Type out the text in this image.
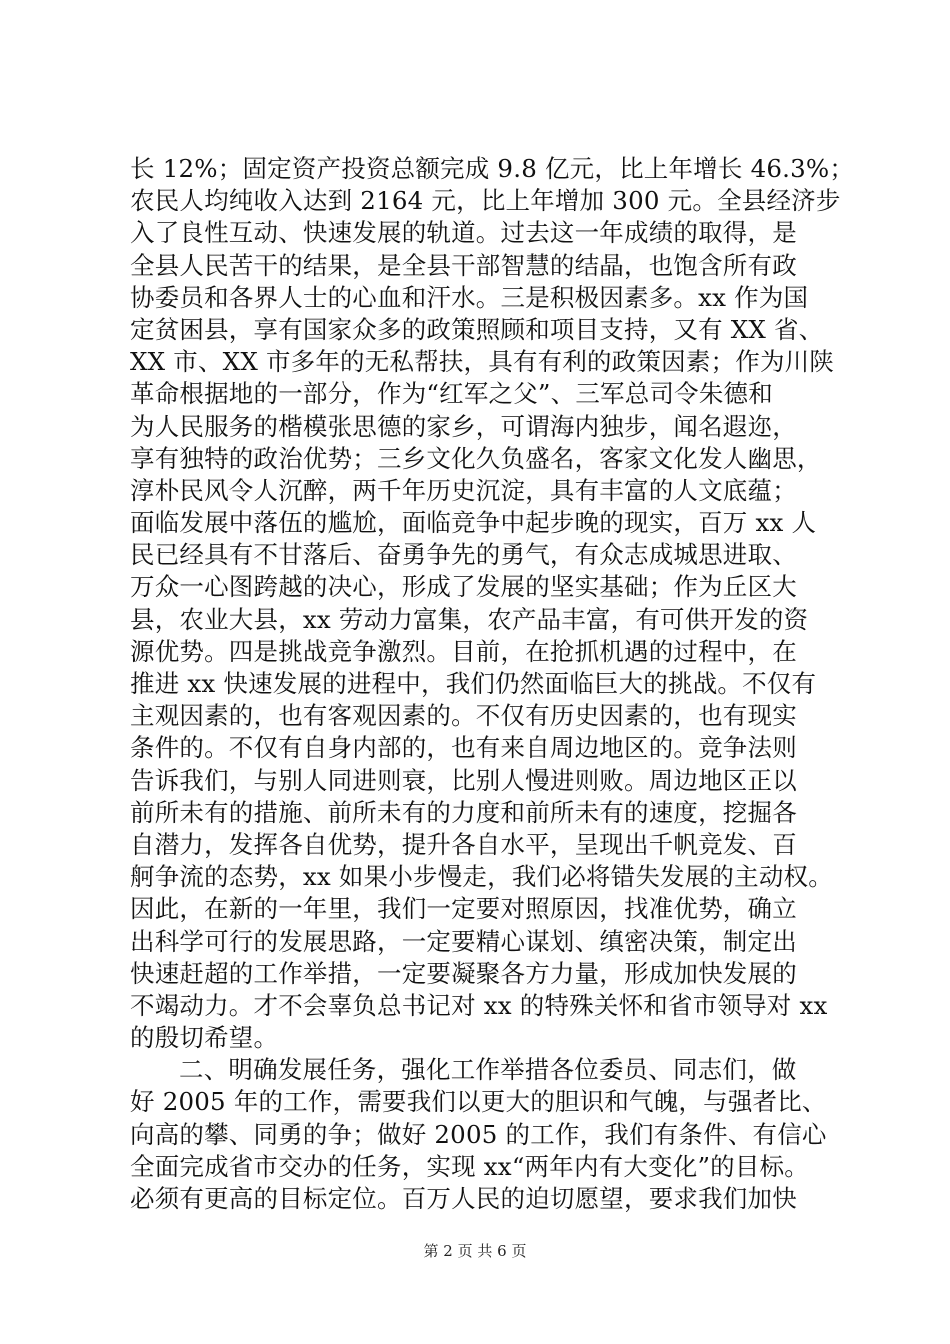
长 12%；固定资产投资总额完成 9.8 亿元，比上年增长 46.3%；
农民人均纯收入达到 2164 元，比上年增加 300 元。全县经济步
入了良性互动、快速发展的轨道。过去这一年成绩的取得，是
全县人民苦干的结果，是全县干部智慧的结晶，也饱含所有政
协委员和各界人士的心血和汗水。三是积极因素多。xx 作为国
定贫困县，享有国家众多的政策照顾和项目支持，又有 XX 省、
XX 市、XX 市多年的无私帮扶，具有有利的政策因素；作为川陕
革命根据地的一部分，作为“红军之父”、三军总司令朱德和
为人民服务的楷模张思德的家乡，可谓海内独步，闻名遐迩，
享有独特的政治优势；三乡文化久负盛名，客家文化发人幽思，
淳朴民风令人沉醉，两千年历史沉淀，具有丰富的人文底蕴；
面临发展中落伍的尴尬，面临竞争中起步晚的现实，百万 xx 人
民已经具有不甘落后、奋勇争先的勇气，有众志成城思进取、
万众一心图跨越的决心，形成了发展的坚实基础；作为丘区大
县，农业大县，xx 劳动力富集，农产品丰富，有可供开发的资
源优势。四是挑战竞争激烈。目前，在抢抓机遇的过程中，在
推进 xx 快速发展的进程中，我们仍然面临巨大的挑战。不仅有
主观因素的，也有客观因素的。不仅有历史因素的，也有现实
条件的。不仅有自身内部的，也有来自周边地区的。竞争法则
告诉我们，与别人同进则衰，比别人慢进则败。周边地区正以
前所未有的措施、前所未有的力度和前所未有的速度，挖掘各
自潜力，发挥各自优势，提升各自水平，呈现出千帆竞发、百
舸争流的态势，xx 如果小步慢走，我们必将错失发展的主动权。
因此，在新的一年里，我们一定要对照原因，找准优势，确立
出科学可行的发展思路，一定要精心谋划、缜密决策，制定出
快速赶超的工作举措，一定要凝聚各方力量，形成加快发展的
不竭动力。才不会辜负总书记对 xx 的特殊关怀和省市领导对 xx
的殷切希望。
二、明确发展任务，强化工作举措各位委员、同志们，做
好 2005 年的工作，需要我们以更大的胆识和气魄，与强者比、
向高的攀、同勇的争；做好 2005 的工作，我们有条件、有信心
全面完成省市交办的任务，实现 xx“两年内有大变化”的目标。
必须有更高的目标定位。百万人民的迫切愿望，要求我们加快
第 2 页 共 6 页
